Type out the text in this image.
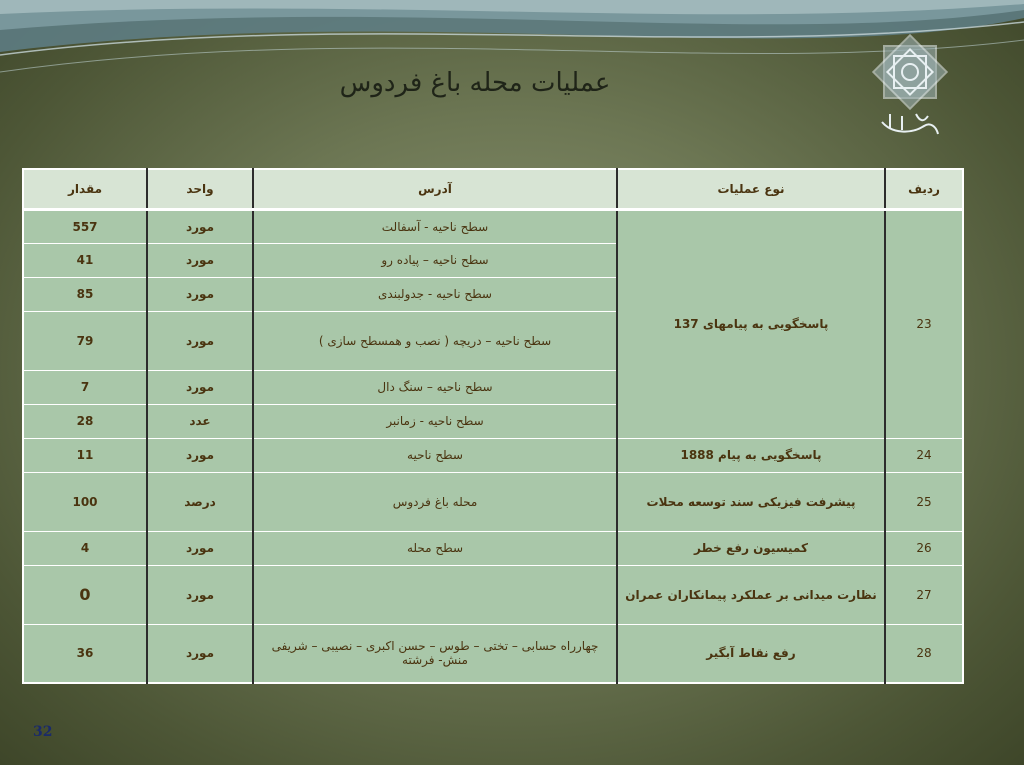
عملیات محله باغ فردوس
ردیف	نوع عملیات	آدرس	واحد	مقدار
23	پاسخگویی به پیامهای 137	سطح ناحیه - آسفالت	مورد	557
		سطح ناحیه – پیاده رو	مورد	41
		سطح ناحیه - جدولبندی	مورد	85
		سطح ناحیه – دریچه ( نصب و همسطح سازی )	مورد	79
		سطح ناحیه – سنگ دال	مورد	7
		سطح ناحیه - زمانبر	عدد	28
24	پاسخگویی به پیام 1888	سطح ناحیه	مورد	11
25	پیشرفت فیزیکی سند توسعه محلات	محله باغ فردوس	درصد	100
26	کمیسیون رفع خطر	سطح محله	مورد	4
27	نظارت میدانی بر عملکرد پیمانکاران عمران		مورد	0
28	رفع نقاط آبگیر	چهارراه حسابی – تختی – طوس – حسن اکبری – نصیبی – شریفی منش- فرشته	مورد	36
32
